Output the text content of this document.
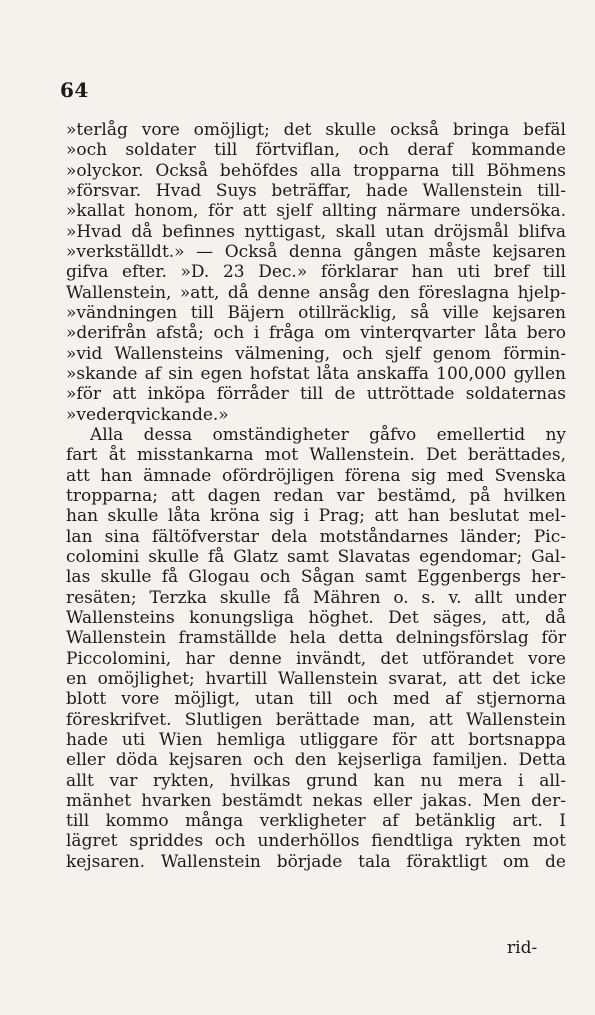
64
»terlåg vore omöjligt; det skulle också bringa befäl
»och soldater till förtviflan, och deraf kommande
»olyckor. Också behöfdes alla tropparna till Böhmens
»försvar. Hvad Suys beträffar, hade Wallenstein till-
»kallat honom, för att sjelf allting närmare undersöka.
»Hvad då befinnes nyttigast, skall utan dröjsmål blifva
»verkställdt.» — Också denna gången måste kejsaren
gifva efter. »D. 23 Dec.» förklarar han uti bref till
Wallenstein, »att, då denne ansåg den föreslagna hjelp-
»vändningen till Bäjern otillräcklig, så ville kejsaren
»derifrån afstå; och i fråga om vinterqvarter låta bero
»vid Wallensteins välmening, och sjelf genom förmin-
»skande af sin egen hofstat låta anskaffa 100,000 gyllen
»för att inköpa förråder till de uttröttade soldaternas
»vederqvickande.»
Alla dessa omständigheter gåfvo emellertid ny
fart åt misstankarna mot Wallenstein. Det berättades,
att han ämnade ofördröjligen förena sig med Svenska
tropparna; att dagen redan var bestämd, på hvilken
han skulle låta kröna sig i Prag; att han beslutat mel-
lan sina fältöfverstar dela motståndarnes länder; Pic-
colomini skulle få Glatz samt Slavatas egendomar; Gal-
las skulle få Glogau och Sågan samt Eggenbergs her-
resäten; Terzka skulle få Mähren o. s. v. allt under
Wallensteins konungsliga höghet. Det säges, att, då
Wallenstein framställde hela detta delningsförslag för
Piccolomini, har denne invändt, det utförandet vore
en omöjlighet; hvartill Wallenstein svarat, att det icke
blott vore möjligt, utan till och med af stjernorna
föreskrifvet. Slutligen berättade man, att Wallenstein
hade uti Wien hemliga utliggare för att bortsnappa
eller döda kejsaren och den kejserliga familjen. Detta
allt var rykten, hvilkas grund kan nu mera i all-
mänhet hvarken bestämdt nekas eller jakas. Men der-
till kommo många verkligheter af betänklig art. I
lägret spriddes och underhöllos fiendtliga rykten mot
kejsaren. Wallenstein började tala föraktligt om de
rid-
